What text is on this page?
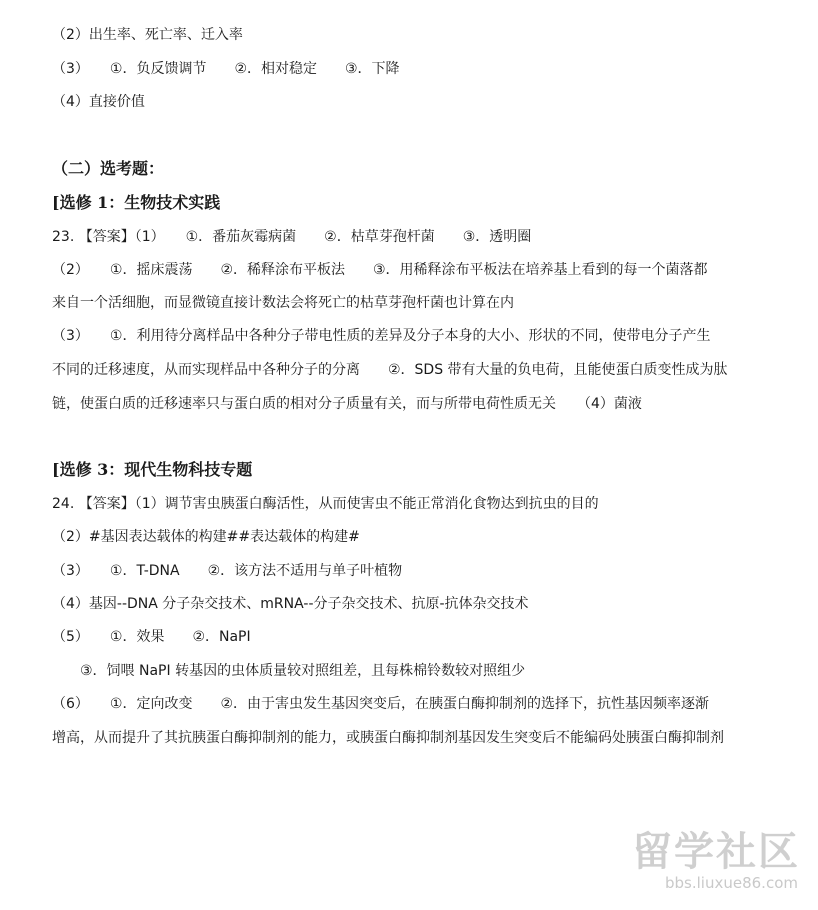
（2）出生率、死亡率、迁入率
（3）　　①．负反馈调节　　②．相对稳定　　③．下降
（4）直接价值
（二）选考题：
[选修 1：生物技术实践
23. 【答案】（1）　　①．番茄灰霉病菌　　②．枯草芽孢杆菌　　③．透明圈
（2）　　①．摇床震荡　　②．稀释涂布平板法　　③．用稀释涂布平板法在培养基上看到的每一个菌落都
来自一个活细胞，而显微镜直接计数法会将死亡的枯草芽孢杆菌也计算在内
（3）　　①．利用待分离样品中各种分子带电性质的差异及分子本身的大小、形状的不同，使带电分子产生
不同的迁移速度，从而实现样品中各种分子的分离　　②．SDS 带有大量的负电荷，且能使蛋白质变性成为肽
链，使蛋白质的迁移速率只与蛋白质的相对分子质量有关，而与所带电荷性质无关　　（4）菌液
[选修 3：现代生物科技专题
24. 【答案】（1）调节害虫胰蛋白酶活性，从而使害虫不能正常消化食物达到抗虫的目的
（2）#基因表达载体的构建##表达载体的构建#
（3）　　①．T-DNA　　②．该方法不适用与单子叶植物
（4）基因--DNA 分子杂交技术、mRNA--分子杂交技术、抗原-抗体杂交技术
（5）　　①．效果　　②．NaPI
　　③．饲喂 NaPI 转基因的虫体质量较对照组差，且每株棉铃数较对照组少
（6）　　①．定向改变　　②．由于害虫发生基因突变后，在胰蛋白酶抑制剂的选择下，抗性基因频率逐渐
增高，从而提升了其抗胰蛋白酶抑制剂的能力，或胰蛋白酶抑制剂基因发生突变后不能编码处胰蛋白酶抑制剂
留学社区
bbs.liuxue86.com
